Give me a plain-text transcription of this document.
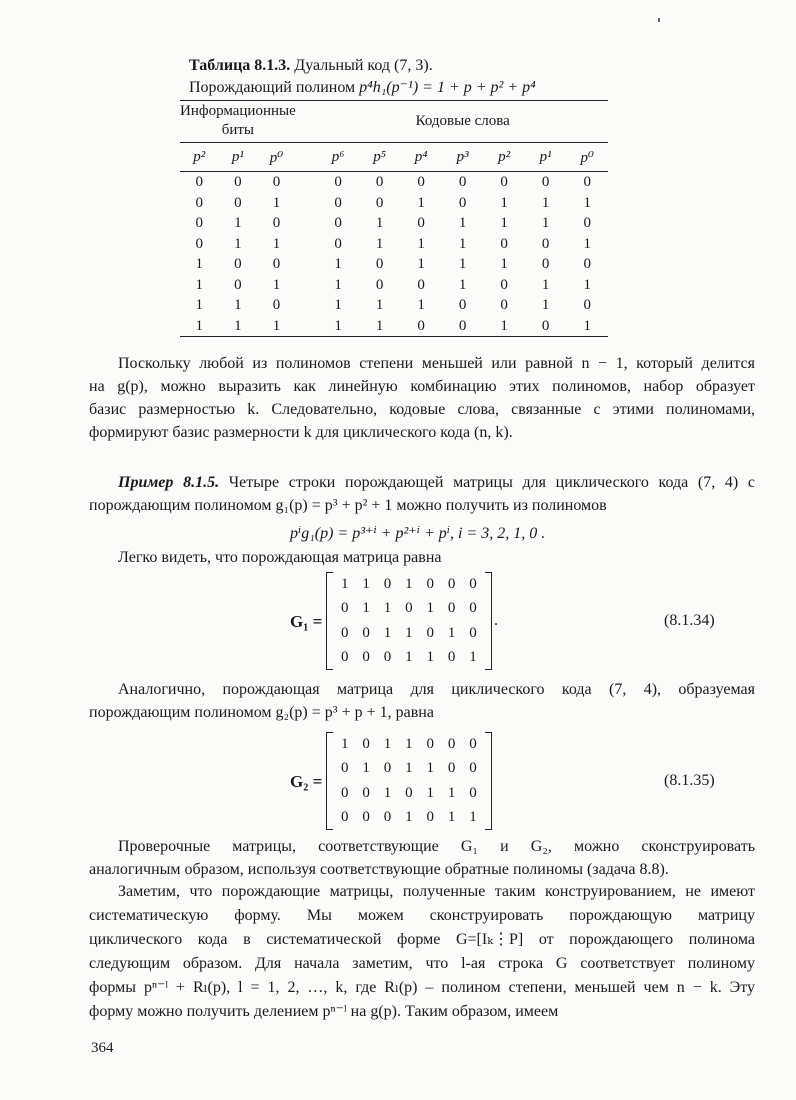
Таблица 8.1.3. Дуальный код (7, 3).
Порождающий полином p⁴h₁(p⁻¹) = 1 + p + p² + p⁴
Информационные биты				Кодовые слова						
p²	p¹	p⁰		p⁶	p⁵	p⁴	p³	p²	p¹	p⁰
0	0	0		0	0	0	0	0	0	0
0	0	1		0	0	1	0	1	1	1
0	1	0		0	1	0	1	1	1	0
0	1	1		0	1	1	1	0	0	1
1	0	0		1	0	1	1	1	0	0
1	0	1		1	0	0	1	0	1	1
1	1	0		1	1	1	0	0	1	0
1	1	1		1	1	0	0	1	0	1
Поскольку любой из полиномов степени меньшей или равной n − 1, который делится
на g(p), можно выразить как линейную комбинацию этих полиномов, набор образует
базис размерностью k. Следовательно, кодовые слова, связанные с этими полиномами,
формируют базис размерности k для циклического кода (n, k).
Пример 8.1.5. Четыре строки порождающей матрицы для циклического кода (7, 4) с
порождающим полиномом g₁(p) = p³ + p² + 1 можно получить из полиномов
pⁱg₁(p) = p³⁺ⁱ + p²⁺ⁱ + pⁱ, i = 3, 2, 1, 0 .
Легко видеть, что порождающая матрица равна
G₁ =
1 1 0 1 0 0 0
0 1 1 0 1 0 0
0 0 1 1 0 1 0
0 0 0 1 1 0 1
.	(8.1.34)
Аналогично, порождающая матрица для циклического кода (7, 4), образуемая
порождающим полиномом g₂(p) = p³ + p + 1, равна
G₂ =
1 0 1 1 0 0 0
0 1 0 1 1 0 0
0 0 1 0 1 1 0
0 0 0 1 0 1 1
(8.1.35)
Проверочные матрицы, соответствующие G₁ и G₂, можно сконструировать
аналогичным образом, используя соответствующие обратные полиномы (задача 8.8).
Заметим, что порождающие матрицы, полученные таким конструированием, не имеют
систематическую форму. Мы можем сконструировать порождающую матрицу
циклического кода в систематической форме G=[Iₖ⋮P] от порождающего полинома
следующим образом. Для начала заметим, что l-ая строка G соответствует полиному
формы pⁿ⁻ˡ + Rₗ(p), l = 1, 2, …, k, где Rₗ(p) – полином степени, меньшей чем n − k. Эту
форму можно получить делением pⁿ⁻ˡ на g(p). Таким образом, имеем
364
